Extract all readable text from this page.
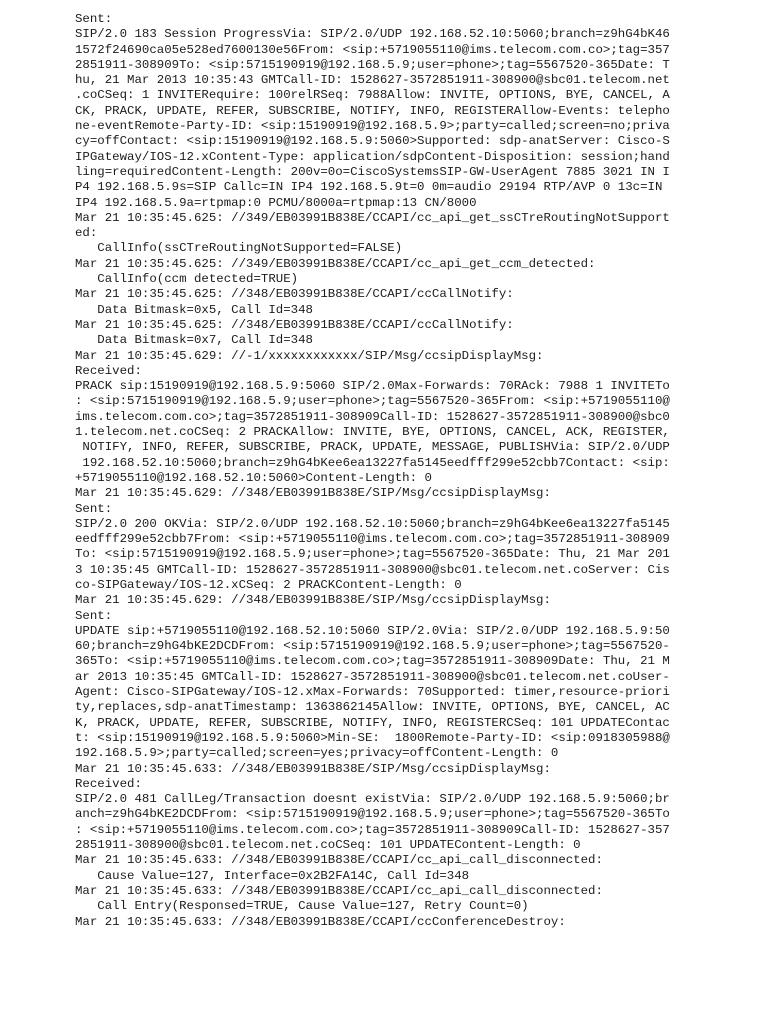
Sent:
SIP/2.0 183 Session ProgressVia: SIP/2.0/UDP 192.168.52.10:5060;branch=z9hG4bK46
1572f24690ca05e528ed7600130e56From: <sip:+5719055110@ims.telecom.com.co>;tag=357
2851911-308909To: <sip:5715190919@192.168.5.9;user=phone>;tag=5567520-365Date: T
hu, 21 Mar 2013 10:35:43 GMTCall-ID: 1528627-3572851911-308900@sbc01.telecom.net
.coCSeq: 1 INVITERequire: 100relRSeq: 7988Allow: INVITE, OPTIONS, BYE, CANCEL, A
CK, PRACK, UPDATE, REFER, SUBSCRIBE, NOTIFY, INFO, REGISTERAllow-Events: telepho
ne-eventRemote-Party-ID: <sip:15190919@192.168.5.9>;party=called;screen=no;priva
cy=offContact: <sip:15190919@192.168.5.9:5060>Supported: sdp-anatServer: Cisco-S
IPGateway/IOS-12.xContent-Type: application/sdpContent-Disposition: session;hand
ling=requiredContent-Length: 200v=0o=CiscoSystemsSIP-GW-UserAgent 7885 3021 IN I
P4 192.168.5.9s=SIP Callc=IN IP4 192.168.5.9t=0 0m=audio 29194 RTP/AVP 0 13c=IN
IP4 192.168.5.9a=rtpmap:0 PCMU/8000a=rtpmap:13 CN/8000
Mar 21 10:35:45.625: //349/EB03991B838E/CCAPI/cc_api_get_ssCTreRoutingNotSupport
ed:
CallInfo(ssCTreRoutingNotSupported=FALSE)
Mar 21 10:35:45.625: //349/EB03991B838E/CCAPI/cc_api_get_ccm_detected:
CallInfo(ccm detected=TRUE)
Mar 21 10:35:45.625: //348/EB03991B838E/CCAPI/ccCallNotify:
Data Bitmask=0x5, Call Id=348
Mar 21 10:35:45.625: //348/EB03991B838E/CCAPI/ccCallNotify:
Data Bitmask=0x7, Call Id=348
Mar 21 10:35:45.629: //-1/xxxxxxxxxxxx/SIP/Msg/ccsipDisplayMsg:
Received:
PRACK sip:15190919@192.168.5.9:5060 SIP/2.0Max-Forwards: 70RAck: 7988 1 INVITETo
: <sip:5715190919@192.168.5.9;user=phone>;tag=5567520-365From: <sip:+5719055110@
ims.telecom.com.co>;tag=3572851911-308909Call-ID: 1528627-3572851911-308900@sbc0
1.telecom.net.coCSeq: 2 PRACKAllow: INVITE, BYE, OPTIONS, CANCEL, ACK, REGISTER,
NOTIFY, INFO, REFER, SUBSCRIBE, PRACK, UPDATE, MESSAGE, PUBLISHVia: SIP/2.0/UDP
192.168.52.10:5060;branch=z9hG4bKee6ea13227fa5145eedfff299e52cbb7Contact: <sip:
+5719055110@192.168.52.10:5060>Content-Length: 0
Mar 21 10:35:45.629: //348/EB03991B838E/SIP/Msg/ccsipDisplayMsg:
Sent:
SIP/2.0 200 OKVia: SIP/2.0/UDP 192.168.52.10:5060;branch=z9hG4bKee6ea13227fa5145
eedfff299e52cbb7From: <sip:+5719055110@ims.telecom.com.co>;tag=3572851911-308909
To: <sip:5715190919@192.168.5.9;user=phone>;tag=5567520-365Date: Thu, 21 Mar 201
3 10:35:45 GMTCall-ID: 1528627-3572851911-308900@sbc01.telecom.net.coServer: Cis
co-SIPGateway/IOS-12.xCSeq: 2 PRACKContent-Length: 0
Mar 21 10:35:45.629: //348/EB03991B838E/SIP/Msg/ccsipDisplayMsg:
Sent:
UPDATE sip:+5719055110@192.168.52.10:5060 SIP/2.0Via: SIP/2.0/UDP 192.168.5.9:50
60;branch=z9hG4bKE2DCDFrom: <sip:5715190919@192.168.5.9;user=phone>;tag=5567520-
365To: <sip:+5719055110@ims.telecom.com.co>;tag=3572851911-308909Date: Thu, 21 M
ar 2013 10:35:45 GMTCall-ID: 1528627-3572851911-308900@sbc01.telecom.net.coUser-
Agent: Cisco-SIPGateway/IOS-12.xMax-Forwards: 70Supported: timer,resource-priori
ty,replaces,sdp-anatTimestamp: 1363862145Allow: INVITE, OPTIONS, BYE, CANCEL, AC
K, PRACK, UPDATE, REFER, SUBSCRIBE, NOTIFY, INFO, REGISTERCSeq: 101 UPDATEContac
t: <sip:15190919@192.168.5.9:5060>Min-SE:  1800Remote-Party-ID: <sip:0918305988@
192.168.5.9>;party=called;screen=yes;privacy=offContent-Length: 0
Mar 21 10:35:45.633: //348/EB03991B838E/SIP/Msg/ccsipDisplayMsg:
Received:
SIP/2.0 481 CallLeg/Transaction doesnt existVia: SIP/2.0/UDP 192.168.5.9:5060;br
anch=z9hG4bKE2DCDFrom: <sip:5715190919@192.168.5.9;user=phone>;tag=5567520-365To
: <sip:+5719055110@ims.telecom.com.co>;tag=3572851911-308909Call-ID: 1528627-357
2851911-308900@sbc01.telecom.net.coCSeq: 101 UPDATEContent-Length: 0
Mar 21 10:35:45.633: //348/EB03991B838E/CCAPI/cc_api_call_disconnected:
Cause Value=127, Interface=0x2B2FA14C, Call Id=348
Mar 21 10:35:45.633: //348/EB03991B838E/CCAPI/cc_api_call_disconnected:
Call Entry(Responsed=TRUE, Cause Value=127, Retry Count=0)
Mar 21 10:35:45.633: //348/EB03991B838E/CCAPI/ccConferenceDestroy:
